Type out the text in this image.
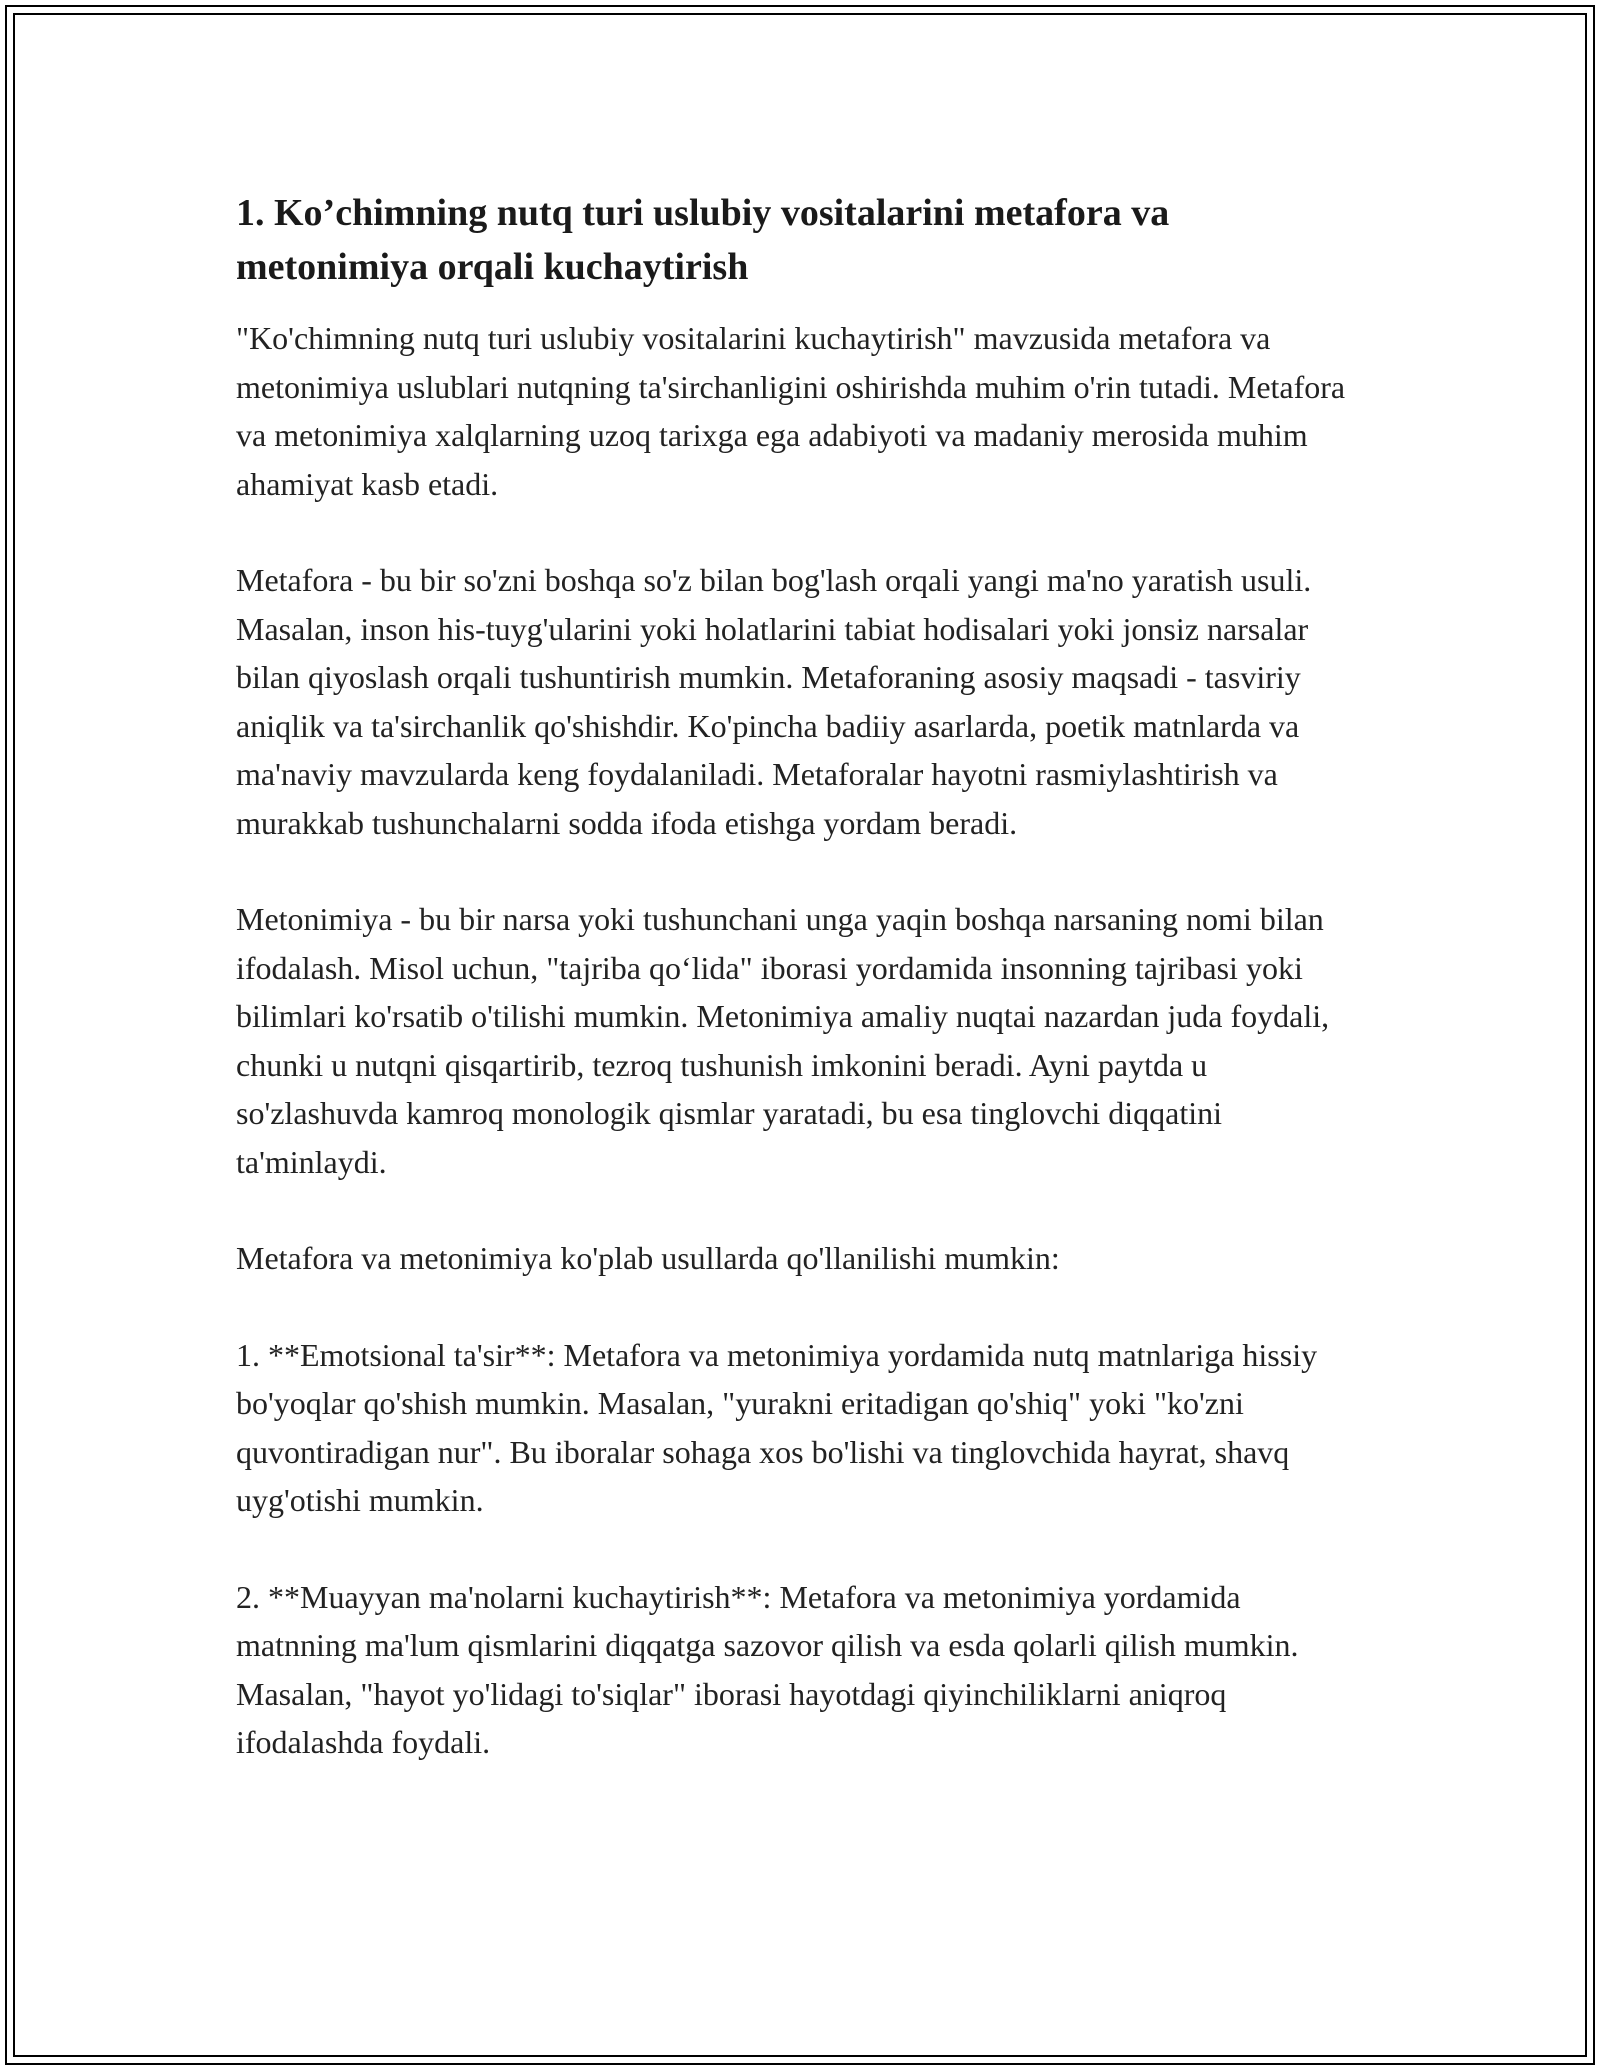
1. Ko’chimning nutq turi uslubiy vositalarini metafora va metonimiya orqali kuchaytirish

"Ko'chimning nutq turi uslubiy vositalarini kuchaytirish" mavzusida metafora va metonimiya uslublari nutqning ta'sirchanligini oshirishda muhim o'rin tutadi. Metafora va metonimiya xalqlarning uzoq tarixga ega adabiyoti va madaniy merosida muhim ahamiyat kasb etadi.

Metafora - bu bir so'zni boshqa so'z bilan bog'lash orqali yangi ma'no yaratish usuli. Masalan, inson his-tuyg'ularini yoki holatlarini tabiat hodisalari yoki jonsiz narsalar bilan qiyoslash orqali tushuntirish mumkin. Metaforaning asosiy maqsadi - tasviriy aniqlik va ta'sirchanlik qo'shishdir. Ko'pincha badiiy asarlarda, poetik matnlarda va ma'naviy mavzularda keng foydalaniladi. Metaforalar hayotni rasmiylashtirish va murakkab tushunchalarni sodda ifoda etishga yordam beradi.

Metonimiya - bu bir narsa yoki tushunchani unga yaqin boshqa narsaning nomi bilan ifodalash. Misol uchun, "tajriba qo‘lida" iborasi yordamida insonning tajribasi yoki bilimlari ko'rsatib o'tilishi mumkin. Metonimiya amaliy nuqtai nazardan juda foydali, chunki u nutqni qisqartirib, tezroq tushunish imkonini beradi. Ayni paytda u so'zlashuvda kamroq monologik qismlar yaratadi, bu esa tinglovchi diqqatini ta'minlaydi.

Metafora va metonimiya ko'plab usullarda qo'llanilishi mumkin:

1. **Emotsional ta'sir**: Metafora va metonimiya yordamida nutq matnlariga hissiy bo'yoqlar qo'shish mumkin. Masalan, "yurakni eritadigan qo'shiq" yoki "ko'zni quvontiradigan nur". Bu iboralar sohaga xos bo'lishi va tinglovchida hayrat, shavq uyg'otishi mumkin.

2. **Muayyan ma'nolarni kuchaytirish**: Metafora va metonimiya yordamida matnning ma'lum qismlarini diqqatga sazovor qilish va esda qolarli qilish mumkin. Masalan, "hayot yo'lidagi to'siqlar" iborasi hayotdagi qiyinchiliklarni aniqroq ifodalashda foydali.
